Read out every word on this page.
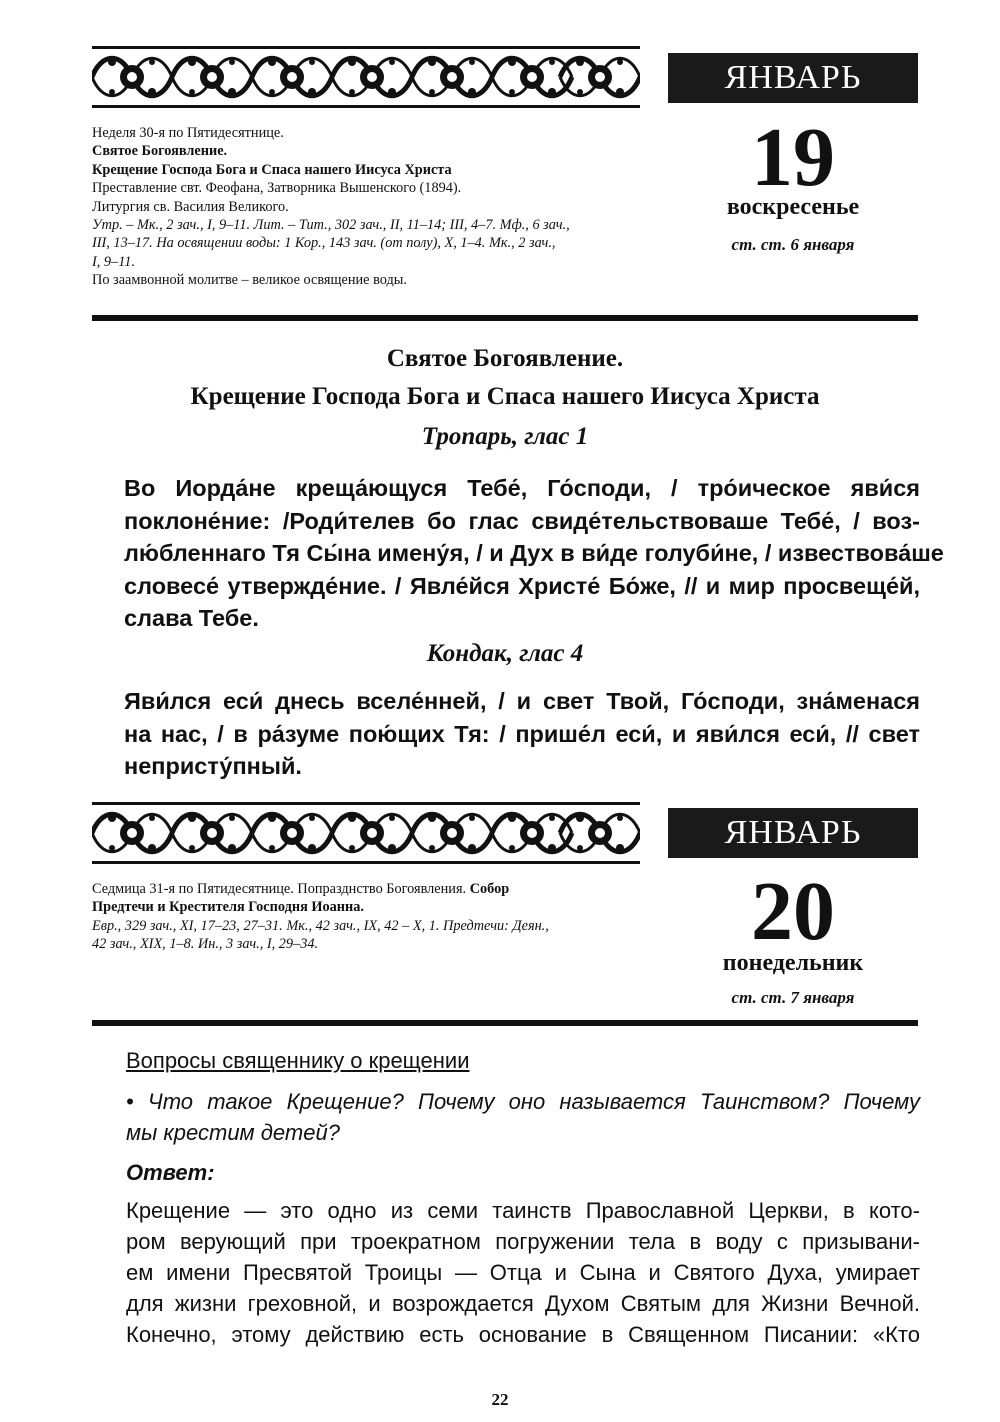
ЯНВАРЬ
19
воскресенье
ст. ст. 6 января
Неделя 30-я по Пятидесятнице.
Святое Богоявление.
Крещение Господа Бога и Спаса нашего Иисуса Христа
Преставление свт. Феофана, Затворника Вышенского (1894).
Литургия св. Василия Великого.
Утр. – Мк., 2 зач., I, 9–11. Лит. – Тит., 302 зач., II, 11–14; III, 4–7. Мф., 6 зач.,
III, 13–17. На освящении воды: 1 Кор., 143 зач. (от полу), X, 1–4. Мк., 2 зач.,
I, 9–11.
По заамвонной молитве – великое освящение воды.
Святое Богоявление.
Крещение Господа Бога и Спаса нашего Иисуса Христа
Тропарь, глас 1
Во Иорда́не креща́ющуся Тебе́, Го́споди, / тро́ическое яви́ся
поклоне́ние: /Роди́телев бо глас свиде́тельствоваше Тебе́, / воз-
лю́бленнаго Тя Сы́на имену́я, / и Дух в ви́де голуби́не, / извествова́ше
словесе́ утвержде́ние. / Явле́йся Христе́ Бо́же, // и мир просвеще́й,
слава Тебе.
Кондак, глас 4
Яви́лся еси́ днесь вселе́нней, / и свет Твой, Го́споди, зна́менася
на нас, / в ра́зуме пою́щих Тя: / прише́л еси́, и яви́лся еси́, // свет
непристу́пный.
ЯНВАРЬ
20
понедельник
ст. ст. 7 января
Седмица 31-я по Пятидесятнице. Попразднство Богоявления. Собор
Предтечи и Крестителя Господня Иоанна.
Евр., 329 зач., XI, 17–23, 27–31. Мк., 42 зач., IX, 42 – X, 1. Предтечи: Деян.,
42 зач., XIX, 1–8. Ин., 3 зач., I, 29–34.
Вопросы священнику о крещении
• Что такое Крещение? Почему оно называется Таинством? Почему
мы крестим детей?
Ответ:
Крещение — это одно из семи таинств Православной Церкви, в кото-
ром верующий при троекратном погружении тела в воду с призывани-
ем имени Пресвятой Троицы — Отца и Сына и Святого Духа, умирает
для жизни греховной, и возрождается Духом Святым для Жизни Вечной.
Конечно, этому действию есть основание в Священном Писании: «Кто
22
